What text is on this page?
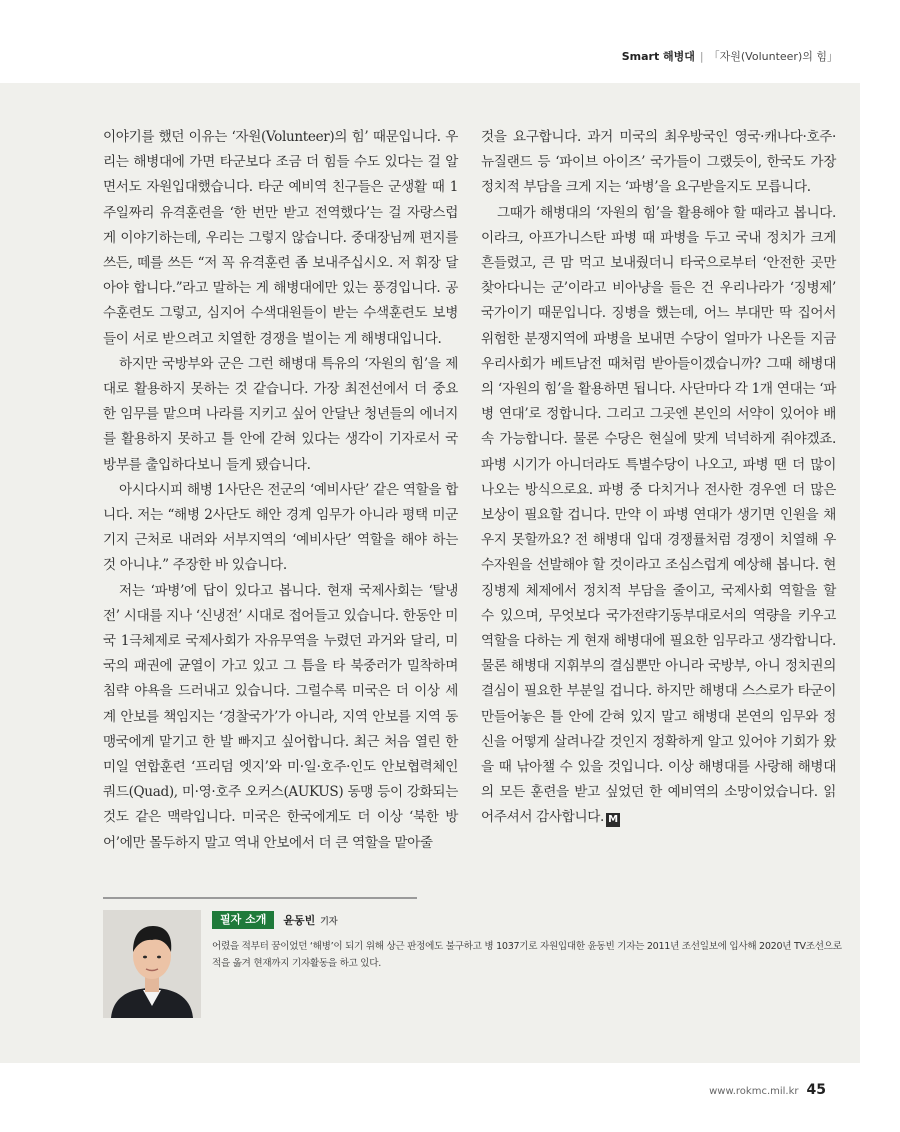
Smart 해병대 | 「자원(Volunteer)의 힘」

이야기를 했던 이유는 ‘자원(Volunteer)의 힘’ 때문입니다. 우리는 해병대에 가면 타군보다 조금 더 힘들 수도 있다는 걸 알면서도 자원입대했습니다. 타군 예비역 친구들은 군생활 때 1주일짜리 유격훈련을 ‘한 번만 받고 전역했다’는 걸 자랑스럽게 이야기하는데, 우리는 그렇지 않습니다. 중대장님께 편지를 쓰든, 떼를 쓰든 “저 꼭 유격훈련 좀 보내주십시오. 저 휘장 달아야 합니다.”라고 말하는 게 해병대에만 있는 풍경입니다. 공수훈련도 그렇고, 심지어 수색대원들이 받는 수색훈련도 보병들이 서로 받으려고 치열한 경쟁을 벌이는 게 해병대입니다.

하지만 국방부와 군은 그런 해병대 특유의 ‘자원의 힘’을 제대로 활용하지 못하는 것 같습니다. 가장 최전선에서 더 중요한 임무를 맡으며 나라를 지키고 싶어 안달난 청년들의 에너지를 활용하지 못하고 틀 안에 갇혀 있다는 생각이 기자로서 국방부를 출입하다보니 들게 됐습니다.

아시다시피 해병 1사단은 전군의 ‘예비사단’ 같은 역할을 합니다. 저는 “해병 2사단도 해안 경계 임무가 아니라 평택 미군기지 근처로 내려와 서부지역의 ‘예비사단’ 역할을 해야 하는 것 아니냐.” 주장한 바 있습니다.

저는 ‘파병’에 답이 있다고 봅니다. 현재 국제사회는 ‘탈냉전’ 시대를 지나 ‘신냉전’ 시대로 접어들고 있습니다. 한동안 미국 1극체제로 국제사회가 자유무역을 누렸던 과거와 달리, 미국의 패권에 균열이 가고 있고 그 틈을 타 북중러가 밀착하며 침략 야욕을 드러내고 있습니다. 그럴수록 미국은 더 이상 세계 안보를 책임지는 ‘경찰국가’가 아니라, 지역 안보를 지역 동맹국에게 맡기고 한 발 빠지고 싶어합니다. 최근 처음 열린 한미일 연합훈련 ‘프리덤 엣지’와 미·일·호주·인도 안보협력체인 쿼드(Quad), 미·영·호주 오커스(AUKUS) 동맹 등이 강화되는 것도 같은 맥락입니다. 미국은 한국에게도 더 이상 ‘북한 방어’에만 몰두하지 말고 역내 안보에서 더 큰 역할을 맡아줄

것을 요구합니다. 과거 미국의 최우방국인 영국·캐나다·호주·뉴질랜드 등 ‘파이브 아이즈’ 국가들이 그랬듯이, 한국도 가장 정치적 부담을 크게 지는 ‘파병’을 요구받을지도 모릅니다.

그때가 해병대의 ‘자원의 힘’을 활용해야 할 때라고 봅니다. 이라크, 아프가니스탄 파병 때 파병을 두고 국내 정치가 크게 흔들렸고, 큰 맘 먹고 보내줬더니 타국으로부터 ‘안전한 곳만 찾아다니는 군’이라고 비아냥을 들은 건 우리나라가 ‘징병제’ 국가이기 때문입니다. 징병을 했는데, 어느 부대만 딱 집어서 위험한 분쟁지역에 파병을 보내면 수당이 얼마가 나온들 지금 우리사회가 베트남전 때처럼 받아들이겠습니까? 그때 해병대의 ‘자원의 힘’을 활용하면 됩니다. 사단마다 각 1개 연대는 ‘파병 연대’로 정합니다. 그리고 그곳엔 본인의 서약이 있어야 배속 가능합니다. 물론 수당은 현실에 맞게 넉넉하게 줘야겠죠. 파병 시기가 아니더라도 특별수당이 나오고, 파병 땐 더 많이 나오는 방식으로요. 파병 중 다치거나 전사한 경우엔 더 많은 보상이 필요할 겁니다. 만약 이 파병 연대가 생기면 인원을 채우지 못할까요? 전 해병대 입대 경쟁률처럼 경쟁이 치열해 우수자원을 선발해야 할 것이라고 조심스럽게 예상해 봅니다. 현 징병제 체제에서 정치적 부담을 줄이고, 국제사회 역할을 할 수 있으며, 무엇보다 국가전략기동부대로서의 역량을 키우고 역할을 다하는 게 현재 해병대에 필요한 임무라고 생각합니다. 물론 해병대 지휘부의 결심뿐만 아니라 국방부, 아니 정치권의 결심이 필요한 부분일 겁니다. 하지만 해병대 스스로가 타군이 만들어놓은 틀 안에 갇혀 있지 말고 해병대 본연의 임무와 정신을 어떻게 살려나갈 것인지 정확하게 알고 있어야 기회가 왔을 때 낚아챌 수 있을 것입니다. 이상 해병대를 사랑해 해병대의 모든 훈련을 받고 싶었던 한 예비역의 소망이었습니다. 읽어주셔서 감사합니다. M

필자 소개	윤동빈 기자
어렸을 적부터 꿈이었던 ‘해병’이 되기 위해 상근 판정에도 불구하고 병 1037기로 자원입대한 윤동빈 기자는 2011년 조선일보에 입사해 2020년 TV조선으로 적을 옮겨 현재까지 기자활동을 하고 있다.
www.rokmc.mil.kr 45
